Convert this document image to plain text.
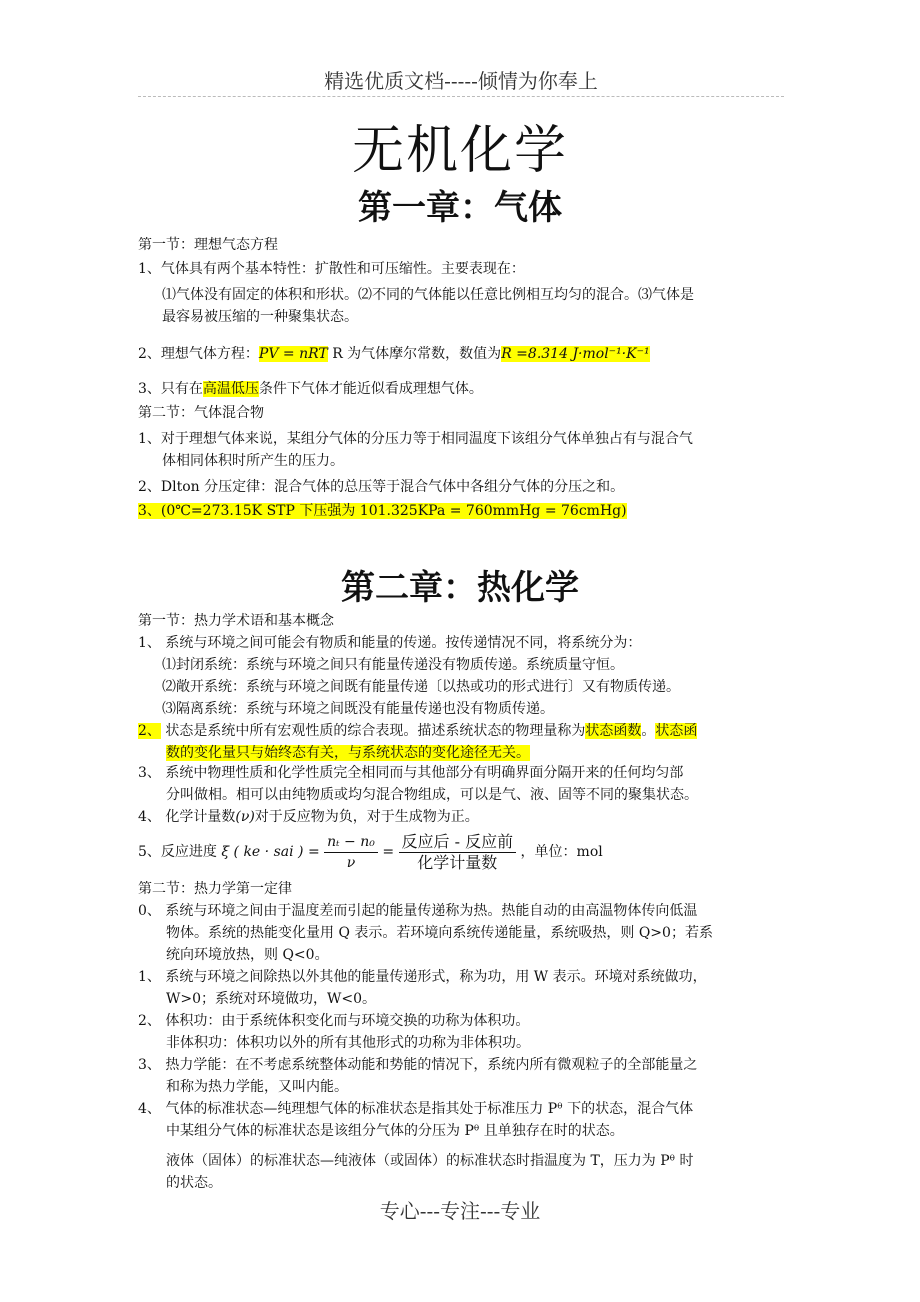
精选优质文档-----倾情为你奉上
无机化学
第一章：气体
第一节：理想气态方程
1、气体具有两个基本特性：扩散性和可压缩性。主要表现在：
⑴气体没有固定的体积和形状。⑵不同的气体能以任意比例相互均匀的混合。⑶气体是
最容易被压缩的一种聚集状态。
2、理想气体方程：PV = nRT R 为气体摩尔常数，数值为R =8.314 J·mol⁻¹·K⁻¹
3、只有在高温低压条件下气体才能近似看成理想气体。
第二节：气体混合物
1、对于理想气体来说，某组分气体的分压力等于相同温度下该组分气体单独占有与混合气
体相同体积时所产生的压力。
2、Dlton 分压定律：混合气体的总压等于混合气体中各组分气体的分压之和。
3、(0℃=273.15K STP 下压强为 101.325KPa = 760mmHg = 76cmHg)
第二章：热化学
第一节：热力学术语和基本概念
1、 系统与环境之间可能会有物质和能量的传递。按传递情况不同，将系统分为：
⑴封闭系统：系统与环境之间只有能量传递没有物质传递。系统质量守恒。
⑵敞开系统：系统与环境之间既有能量传递〔以热或功的形式进行〕又有物质传递。
⑶隔离系统：系统与环境之间既没有能量传递也没有物质传递。
2、 状态是系统中所有宏观性质的综合表现。描述系统状态的物理量称为状态函数。状态函
数的变化量只与始终态有关，与系统状态的变化途径无关。
3、 系统中物理性质和化学性质完全相同而与其他部分有明确界面分隔开来的任何均匀部
分叫做相。相可以由纯物质或均匀混合物组成，可以是气、液、固等不同的聚集状态。
4、 化学计量数(ν)对于反应物为负，对于生成物为正。
5、反应进度 ξ ( ke · sai ) = $\frac{\text{nₜ − n₀}}{\nu} = \frac{\text{反应后 - 反应前}}{\text{化学计量数}}$ ，单位：mol
第二节：热力学第一定律
0、 系统与环境之间由于温度差而引起的能量传递称为热。热能自动的由高温物体传向低温
物体。系统的热能变化量用 Q 表示。若环境向系统传递能量，系统吸热，则 Q>0；若系
统向环境放热，则 Q<0。
1、 系统与环境之间除热以外其他的能量传递形式，称为功，用 W 表示。环境对系统做功，
W>0；系统对环境做功，W<0。
2、 体积功：由于系统体积变化而与环境交换的功称为体积功。
非体积功：体积功以外的所有其他形式的功称为非体积功。
3、 热力学能：在不考虑系统整体动能和势能的情况下，系统内所有微观粒子的全部能量之
和称为热力学能，又叫内能。
4、 气体的标准状态—纯理想气体的标准状态是指其处于标准压力 Pᶿ 下的状态，混合气体
中某组分气体的标准状态是该组分气体的分压为 Pᶿ 且单独存在时的状态。
液体（固体）的标准状态—纯液体（或固体）的标准状态时指温度为 T，压力为 Pᶿ 时
的状态。
专心---专注---专业
